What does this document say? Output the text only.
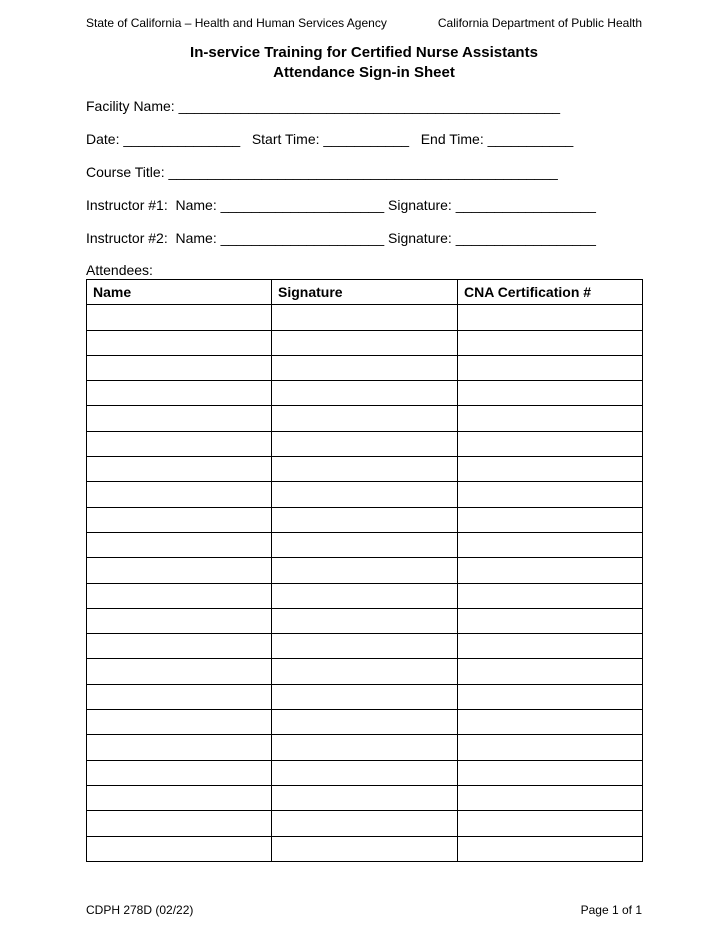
State of California – Health and Human Services Agency	California Department of Public Health
In-service Training for Certified Nurse Assistants
Attendance Sign-in Sheet
Facility Name: _________________________________________________
Date: _______________   Start Time: ___________   End Time: ___________
Course Title: __________________________________________________
Instructor #1:  Name: _____________________ Signature: __________________
Instructor #2:  Name: _____________________ Signature: __________________
Attendees:
Name	Signature	CNA Certification #

CDPH 278D (02/22)	Page 1 of 1
